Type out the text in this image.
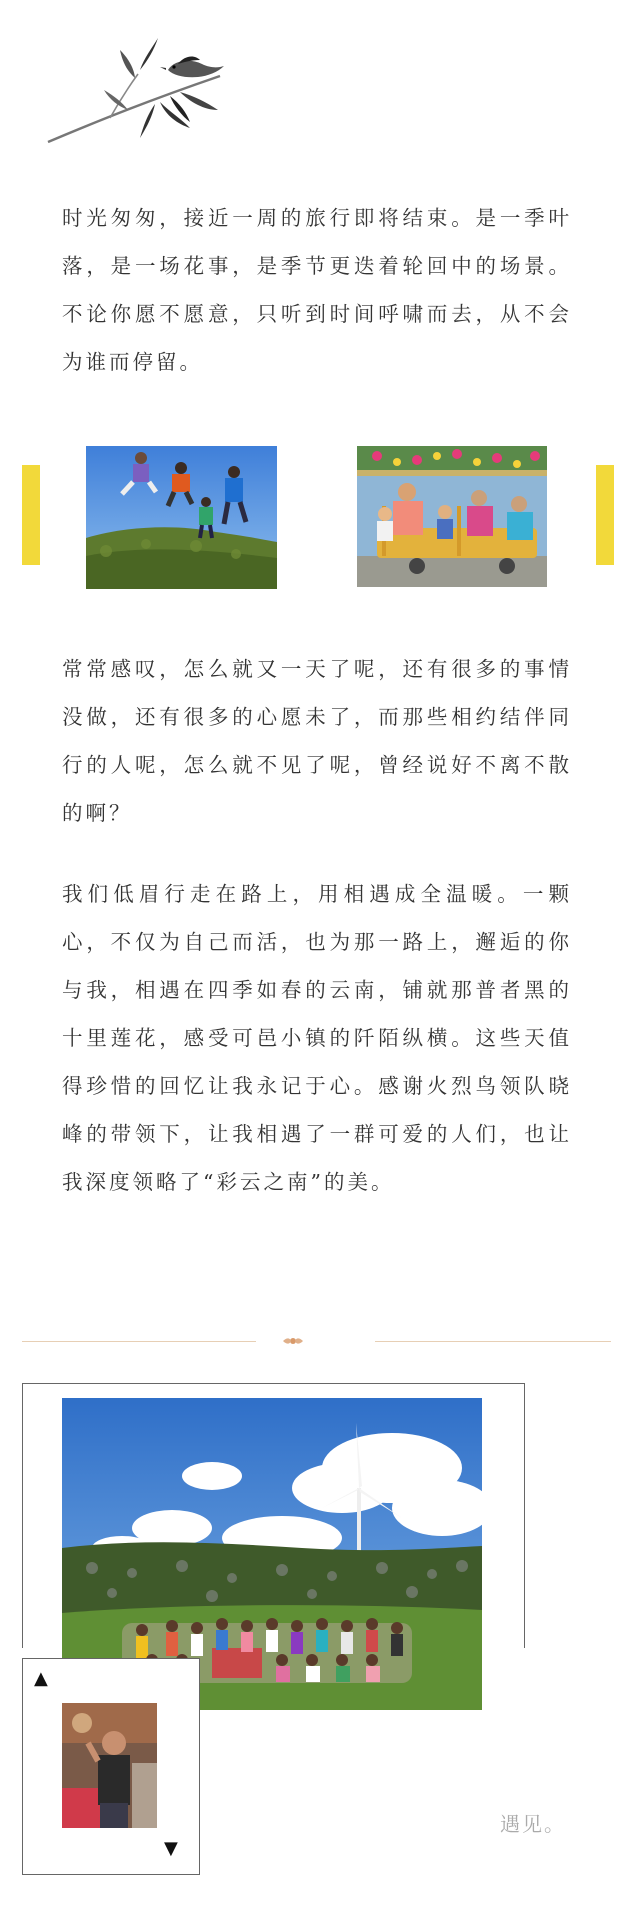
时光匆匆，接近一周的旅行即将结束。是一季叶落，是一场花事，是季节更迭着轮回中的场景。不论你愿不愿意，只听到时间呼啸而去，从不会为谁而停留。

常常感叹，怎么就又一天了呢，还有很多的事情没做，还有很多的心愿未了，而那些相约结伴同行的人呢，怎么就不见了呢，曾经说好不离不散的啊？

我们低眉行走在路上，用相遇成全温暖。一颗心，不仅为自己而活，也为那一路上，邂逅的你与我，相遇在四季如春的云南，铺就那普者黑的十里莲花，感受可邑小镇的阡陌纵横。这些天值得珍惜的回忆让我永记于心。感谢火烈鸟领队晓峰的带领下，让我相遇了一群可爱的人们，也让我深度领略了“彩云之南”的美。

▲
▼
遇见。
